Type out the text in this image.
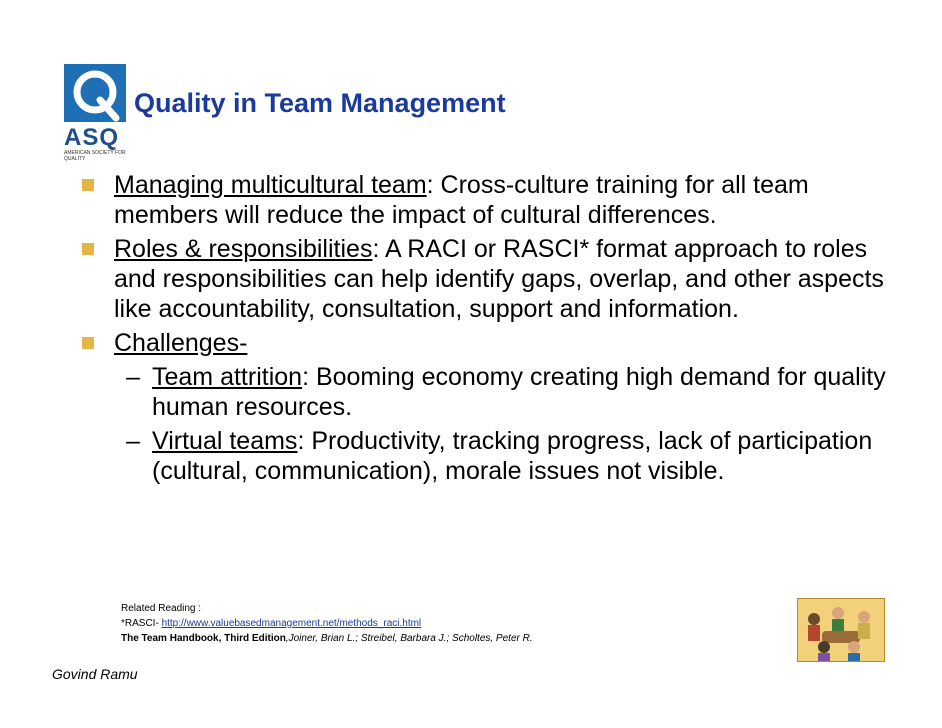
ASQ
AMERICAN SOCIETY FOR QUALITY
Quality in Team Management
Managing multicultural team: Cross-culture training for all team members will reduce the impact of cultural differences.
Roles & responsibilities: A RACI or RASCI* format approach to roles and responsibilities can help identify gaps, overlap, and other aspects like accountability, consultation, support and information.
Challenges-
– Team attrition: Booming economy creating high demand for quality human resources.
– Virtual teams: Productivity, tracking progress, lack of participation (cultural, communication), morale issues not visible.
Related Reading :
*RASCI- http://www.valuebasedmanagement.net/methods_raci.html
The Team Handbook, Third Edition,Joiner, Brian L.; Streibel, Barbara J.; Scholtes, Peter R.
Govind Ramu
